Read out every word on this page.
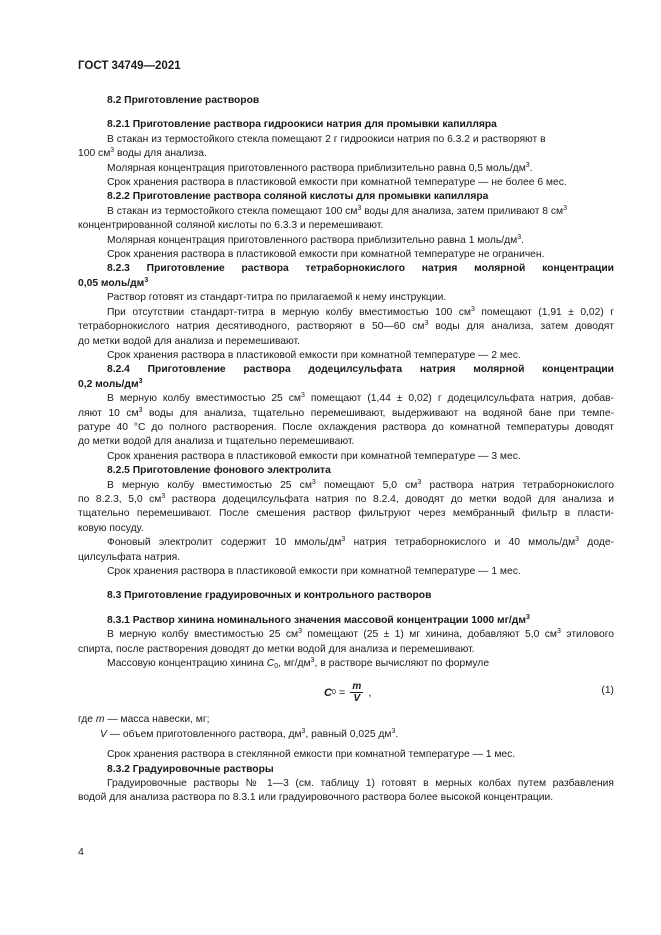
ГОСТ 34749—2021

8.2 Приготовление растворов

8.2.1 Приготовление раствора гидроокиси натрия для промывки капилляра

В стакан из термостойкого стекла помещают 2 г гидроокиси натрия по 6.3.2 и растворяют в

100 $см^3$ воды для анализа.

Молярная концентрация приготовленного раствора приблизительно равна 0,5 моль/$дм^3$.

Срок хранения раствора в пластиковой емкости при комнатной температуре — не более 6 мес.

8.2.2 Приготовление раствора соляной кислоты для промывки капилляра

В стакан из термостойкого стекла помещают 100 $см^3$ воды для анализа, затем приливают 8 $см^3$

концентрированной соляной кислоты по 6.3.3 и перемешивают.

Молярная концентрация приготовленного раствора приблизительно равна 1 моль/$дм^3$.

Срок хранения раствора в пластиковой емкости при комнатной температуре не ограничен.

8.2.3 Приготовление раствора тетраборнокислого натрия молярной концентрации

0,05 моль/$дм^3$

Раствор готовят из стандарт-титра по прилагаемой к нему инструкции.

При отсутствии стандарт-титра в мерную колбу вместимостью 100 $см^3$ помещают (1,91 ± 0,02) г

тетраборнокислого натрия десятиводного, растворяют в 50—60 $см^3$ воды для анализа, затем доводят

до метки водой для анализа и перемешивают.

Срок хранения раствора в пластиковой емкости при комнатной температуре — 2 мес.

8.2.4 Приготовление раствора додецилсульфата натрия молярной концентрации

0,2 моль/$дм^3$

В мерную колбу вместимостью 25 $см^3$ помещают (1,44 ± 0,02) г додецилсульфата натрия, добав-

ляют 10 $см^3$ воды для анализа, тщательно перемешивают, выдерживают на водяной бане при темпе-

ратуре 40 °С до полного растворения. После охлаждения раствора до комнатной температуры доводят

до метки водой для анализа и тщательно перемешивают.

Срок хранения раствора в пластиковой емкости при комнатной температуре — 3 мес.

8.2.5 Приготовление фонового электролита

В мерную колбу вместимостью 25 $см^3$ помещают 5,0 $см^3$ раствора натрия тетраборнокислого

по 8.2.3, 5,0 $см^3$ раствора додецилсульфата натрия по 8.2.4, доводят до метки водой для анализа и

тщательно перемешивают. После смешения раствор фильтруют через мембранный фильтр в пласти-

ковую посуду.

Фоновый электролит содержит 10 ммоль/$дм^3$ натрия тетраборнокислого и 40 ммоль/$дм^3$ доде-

цилсульфата натрия.

Срок хранения раствора в пластиковой емкости при комнатной температуре — 1 мес.

8.3 Приготовление градуировочных и контрольного растворов

8.3.1 Раствор хинина номинального значения массовой концентрации 1000 $мг/дм^3$

В мерную колбу вместимостью 25 $см^3$ помещают (25 ± 1) мг хинина, добавляют 5,0 $см^3$ этилового

спирта, после растворения доводят до метки водой для анализа и перемешивают.

Массовую концентрацию хинина $C_0$, $мг/дм^3$, в растворе вычисляют по формуле

C $0 = \frac{m}{V}$ ,	(1)

где m — масса навески, мг;

V — объем приготовленного раствора, $дм^3$, равный 0,025 $дм^3$.

Срок хранения раствора в стеклянной емкости при комнатной температуре — 1 мес.

8.3.2 Градуировочные растворы

Градуировочные растворы № 1—3 (см. таблицу 1) готовят в мерных колбах путем разбавления

водой для анализа раствора по 8.3.1 или градуировочного раствора более высокой концентрации.

4
